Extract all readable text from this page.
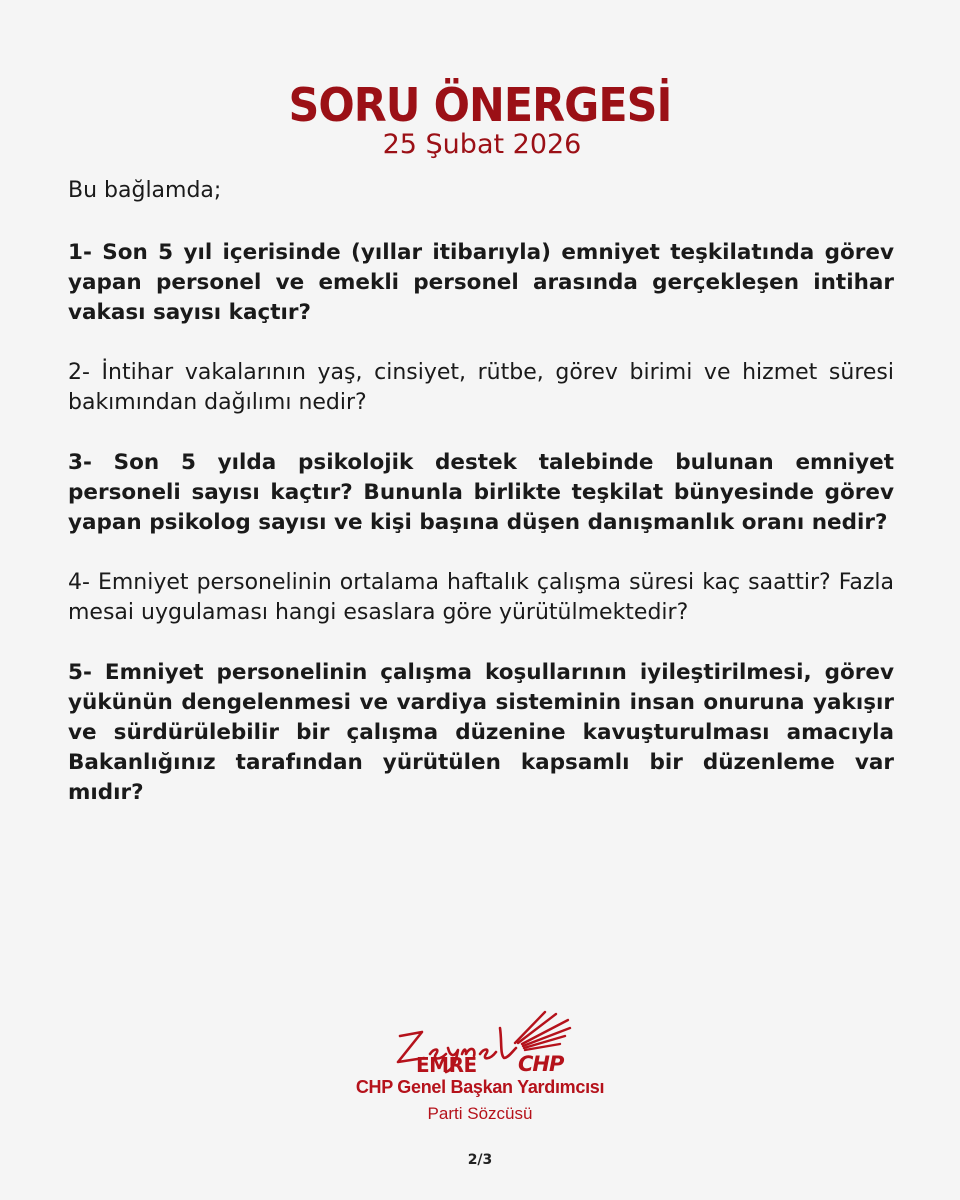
SORU ÖNERGESİ
25 Şubat 2026

Bu bağlamda;

1- Son 5 yıl içerisinde (yıllar itibarıyla) emniyet teşkilatında görev yapan personel ve emekli personel arasında gerçekleşen intihar vakası sayısı kaçtır?

2- İntihar vakalarının yaş, cinsiyet, rütbe, görev birimi ve hizmet süresi bakımından dağılımı nedir?

3- Son 5 yılda psikolojik destek talebinde bulunan emniyet personeli sayısı kaçtır? Bununla birlikte teşkilat bünyesinde görev yapan psikolog sayısı ve kişi başına düşen danışmanlık oranı nedir?

4- Emniyet personelinin ortalama haftalık çalışma süresi kaç saattir? Fazla mesai uygulaması hangi esaslara göre yürütülmektedir?

5- Emniyet personelinin çalışma koşullarının iyileştirilmesi, görev yükünün dengelenmesi ve vardiya sisteminin insan onuruna yakışır ve sürdürülebilir bir çalışma düzenine kavuşturulması amacıyla Bakanlığınız tarafından yürütülen kapsamlı bir düzenleme var mıdır?

EMRE CHP
CHP Genel Başkan Yardımcısı
Parti Sözcüsü
2/3
